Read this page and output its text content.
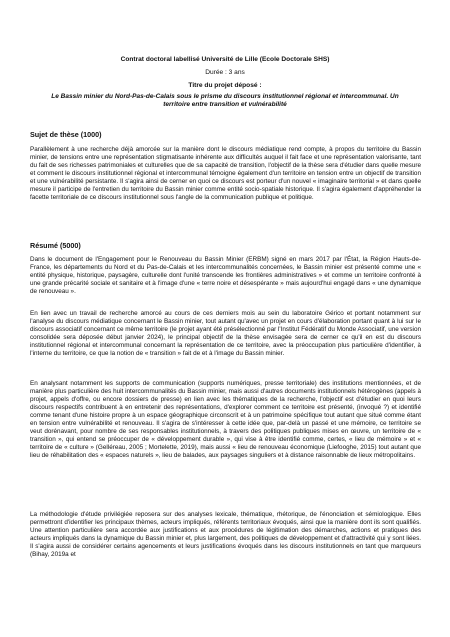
Contrat doctoral labellisé Université de Lille (Ecole Doctorale SHS)
Durée : 3 ans
Titre du projet déposé :
Le Bassin minier du Nord-Pas-de-Calais sous le prisme du discours institutionnel régional et intercommunal. Un territoire entre transition et vulnérabilité
Sujet de thèse (1000)

Parallèlement à une recherche déjà amorcée sur la manière dont le discours médiatique rend compte, à propos du territoire du Bassin minier, de tensions entre une représentation stigmatisante inhérente aux difficultés auquel il fait face et une représentation valorisante, tant du fait de ses richesses patrimoniales et culturelles que de sa capacité de transition, l'objectif de la thèse sera d'étudier dans quelle mesure et comment le discours institutionnel régional et intercommunal témoigne également d'un territoire en tension entre un objectif de transition et une vulnérabilité persistante. Il s'agira ainsi de cerner en quoi ce discours est porteur d'un nouvel « imaginaire territorial » et dans quelle mesure il participe de l'entretien du territoire du Bassin minier comme entité socio-spatiale historique. Il s'agira également d'appréhender la facette territoriale de ce discours institutionnel sous l'angle de la communication publique et politique.

Résumé (5000)

Dans le document de l'Engagement pour le Renouveau du Bassin Minier (ERBM) signé en mars 2017 par l'État, la Région Hauts-de-France, les départements du Nord et du Pas-de-Calais et les intercommunalités concernées, le Bassin minier est présenté comme une « entité physique, historique, paysagère, culturelle dont l'unité transcende les frontières administratives » et comme un territoire confronté à une grande précarité sociale et sanitaire et à l'image d'une « terre noire et désespérante » mais aujourd'hui engagé dans « une dynamique de renouveau ».

En lien avec un travail de recherche amorcé au cours de ces derniers mois au sein du laboratoire Gérico et portant notamment sur l'analyse du discours médiatique concernant le Bassin minier, tout autant qu'avec un projet en cours d'élaboration portant quant à lui sur le discours associatif concernant ce même territoire (le projet ayant été présélectionné par l'Institut Fédératif du Monde Associatif, une version consolidée sera déposée début janvier 2024), le principal objectif de la thèse envisagée sera de cerner ce qu'il en est du discours institutionnel régional et intercommunal concernant la représentation de ce territoire, avec la préoccupation plus particulière d'identifier, à l'interne du territoire, ce que la notion de « transition » fait de et à l'image du Bassin minier.

En analysant notamment les supports de communication (supports numériques, presse territoriale) des institutions mentionnées, et de manière plus particulière des huit intercommunalités du Bassin minier, mais aussi d'autres documents institutionnels hétérogènes (appels à projet, appels d'offre, ou encore dossiers de presse) en lien avec les thématiques de la recherche, l'objectif est d'étudier en quoi leurs discours respectifs contribuent à en entretenir des représentations, d'explorer comment ce territoire est présenté, (invoqué ?) et identifié comme tenant d'une histoire propre à un espace géographique circonscrit et à un patrimoine spécifique tout autant que situé comme étant en tension entre vulnérabilité et renouveau. Il s'agira de s'intéresser à cette idée que, par-delà un passé et une mémoire, ce territoire se veut dorénavant, pour nombre de ses responsables institutionnels, à travers des politiques publiques mises en œuvre, un territoire de « transition », qui entend se préoccuper de « développement durable », qui vise à être identifié comme, certes, « lieu de mémoire » et « territoire de « culture » (Gelléreau, 2005 ; Mortelette, 2019), mais aussi « lieu de renouveau économique (Liefooghe, 2015) tout autant que lieu de réhabilitation des « espaces naturels », lieu de balades, aux paysages singuliers et à distance raisonnable de lieux métropolitains.

La méthodologie d'étude privilégiée reposera sur des analyses lexicale, thématique, rhétorique, de l'énonciation et sémiologique. Elles permettront d'identifier les principaux thèmes, acteurs impliqués, référents territoriaux évoqués, ainsi que la manière dont ils sont qualifiés. Une attention particulière sera accordée aux justifications et aux procédures de légitimation des démarches, actions et pratiques des acteurs impliqués dans la dynamique du Bassin minier et, plus largement, des politiques de développement et d'attractivité qui y sont liées. Il s'agira aussi de considérer certains agencements et leurs justifications évoqués dans les discours institutionnels en tant que marqueurs (Bihay, 2019a et
